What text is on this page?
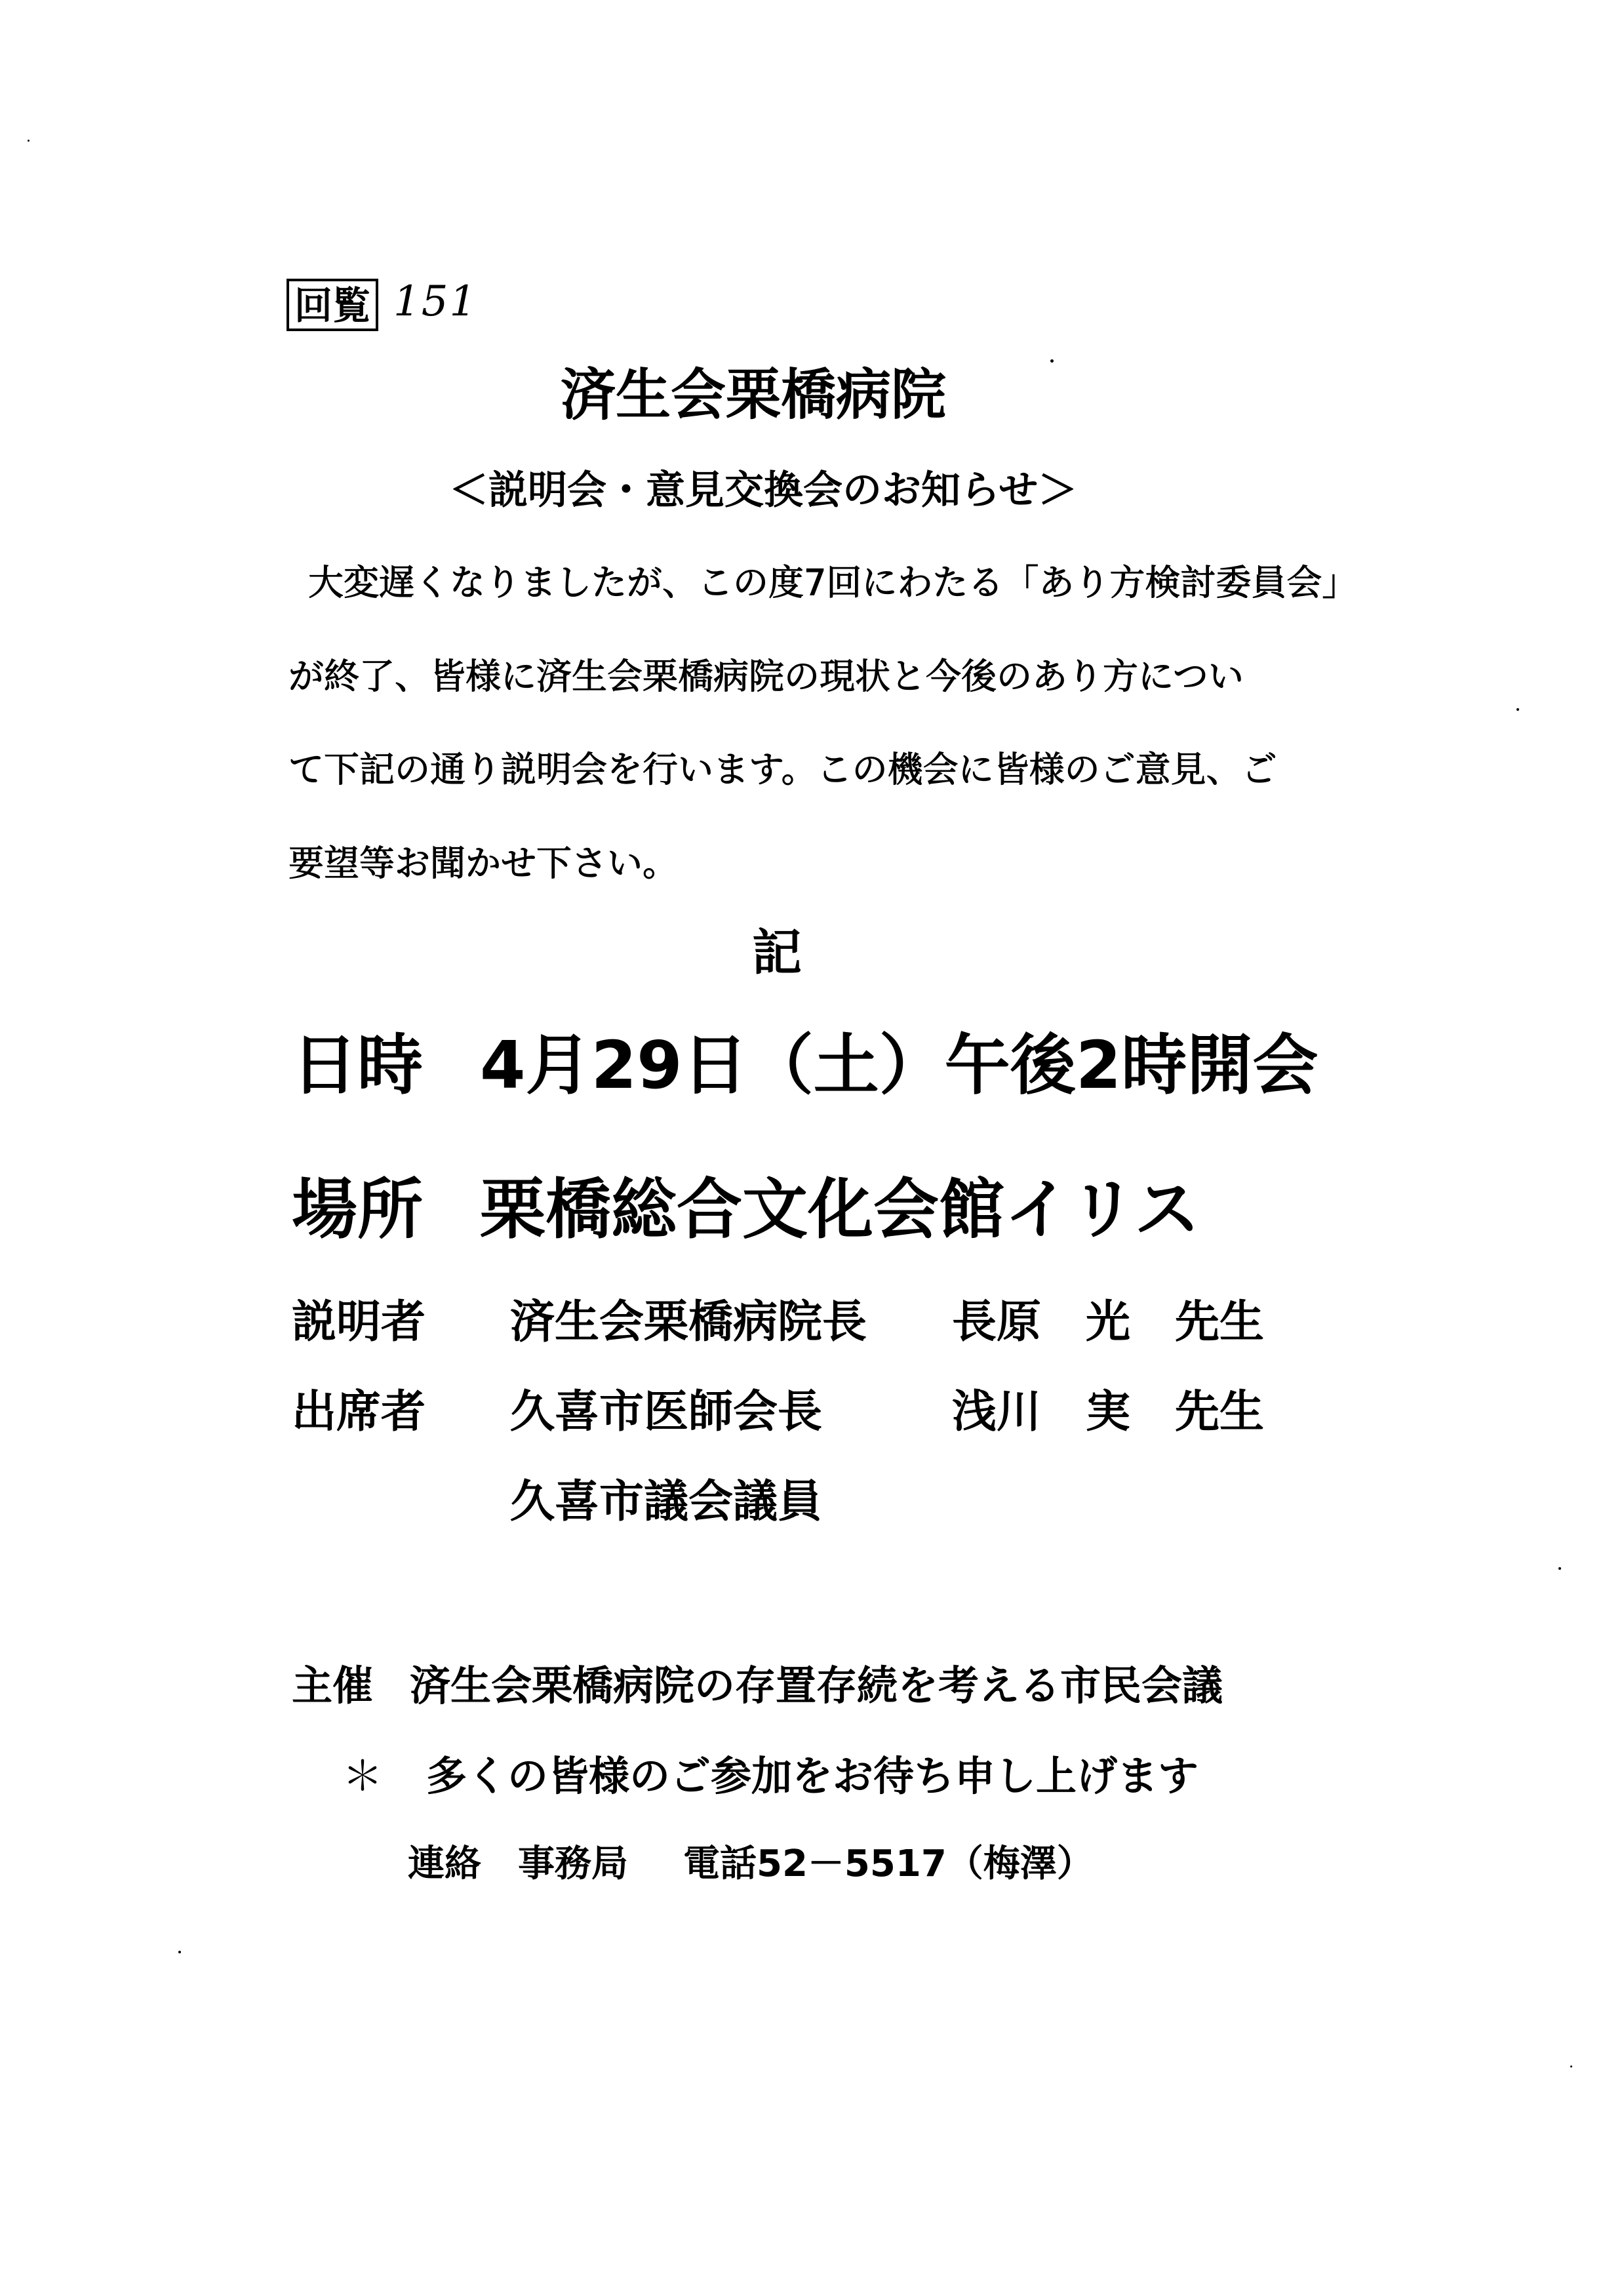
回覧 151
済生会栗橋病院
＜説明会・意見交換会のお知らせ＞
大変遅くなりましたが、この度7回にわたる「あり方検討委員会」
が終了、皆様に済生会栗橋病院の現状と今後のあり方につい
て下記の通り説明会を行います。この機会に皆様のご意見、ご
要望等お聞かせ下さい。
記
日時 4月29日（土）午後2時開会
場所 栗橋総合文化会館イリス
説明者 済生会栗橋病院長 長原　光　先生
出席者 久喜市医師会長	浅川　実　先生
久喜市議会議員
主催 済生会栗橋病院の存置存続を考える市民会議
＊ 多くの皆様のご参加をお待ち申し上げます
連絡 事務局 電話52－5517（梅澤）
